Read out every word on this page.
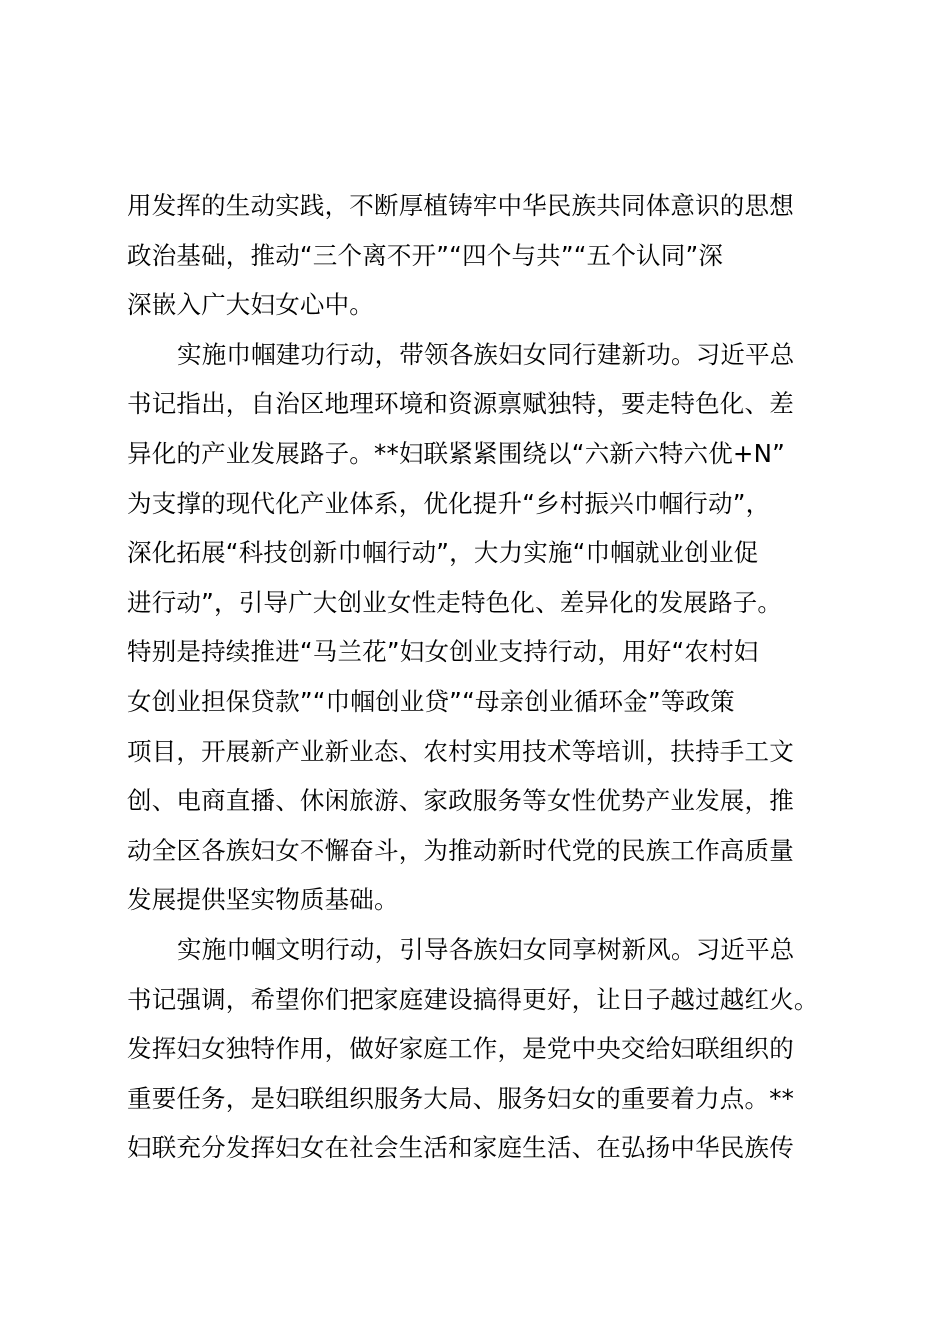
用发挥的生动实践，不断厚植铸牢中华民族共同体意识的思想
政治基础，推动“三个离不开”“四个与共”“五个认同”深
深嵌入广大妇女心中。
实施巾帼建功行动，带领各族妇女同行建新功。习近平总
书记指出，自治区地理环境和资源禀赋独特，要走特色化、差
异化的产业发展路子。**妇联紧紧围绕以“六新六特六优+N”
为支撑的现代化产业体系，优化提升“乡村振兴巾帼行动”，
深化拓展“科技创新巾帼行动”，大力实施“巾帼就业创业促
进行动”，引导广大创业女性走特色化、差异化的发展路子。
特别是持续推进“马兰花”妇女创业支持行动，用好“农村妇
女创业担保贷款”“巾帼创业贷”“母亲创业循环金”等政策
项目，开展新产业新业态、农村实用技术等培训，扶持手工文
创、电商直播、休闲旅游、家政服务等女性优势产业发展，推
动全区各族妇女不懈奋斗，为推动新时代党的民族工作高质量
发展提供坚实物质基础。
实施巾帼文明行动，引导各族妇女同享树新风。习近平总
书记强调，希望你们把家庭建设搞得更好，让日子越过越红火。
发挥妇女独特作用，做好家庭工作，是党中央交给妇联组织的
重要任务，是妇联组织服务大局、服务妇女的重要着力点。**
妇联充分发挥妇女在社会生活和家庭生活、在弘扬中华民族传
